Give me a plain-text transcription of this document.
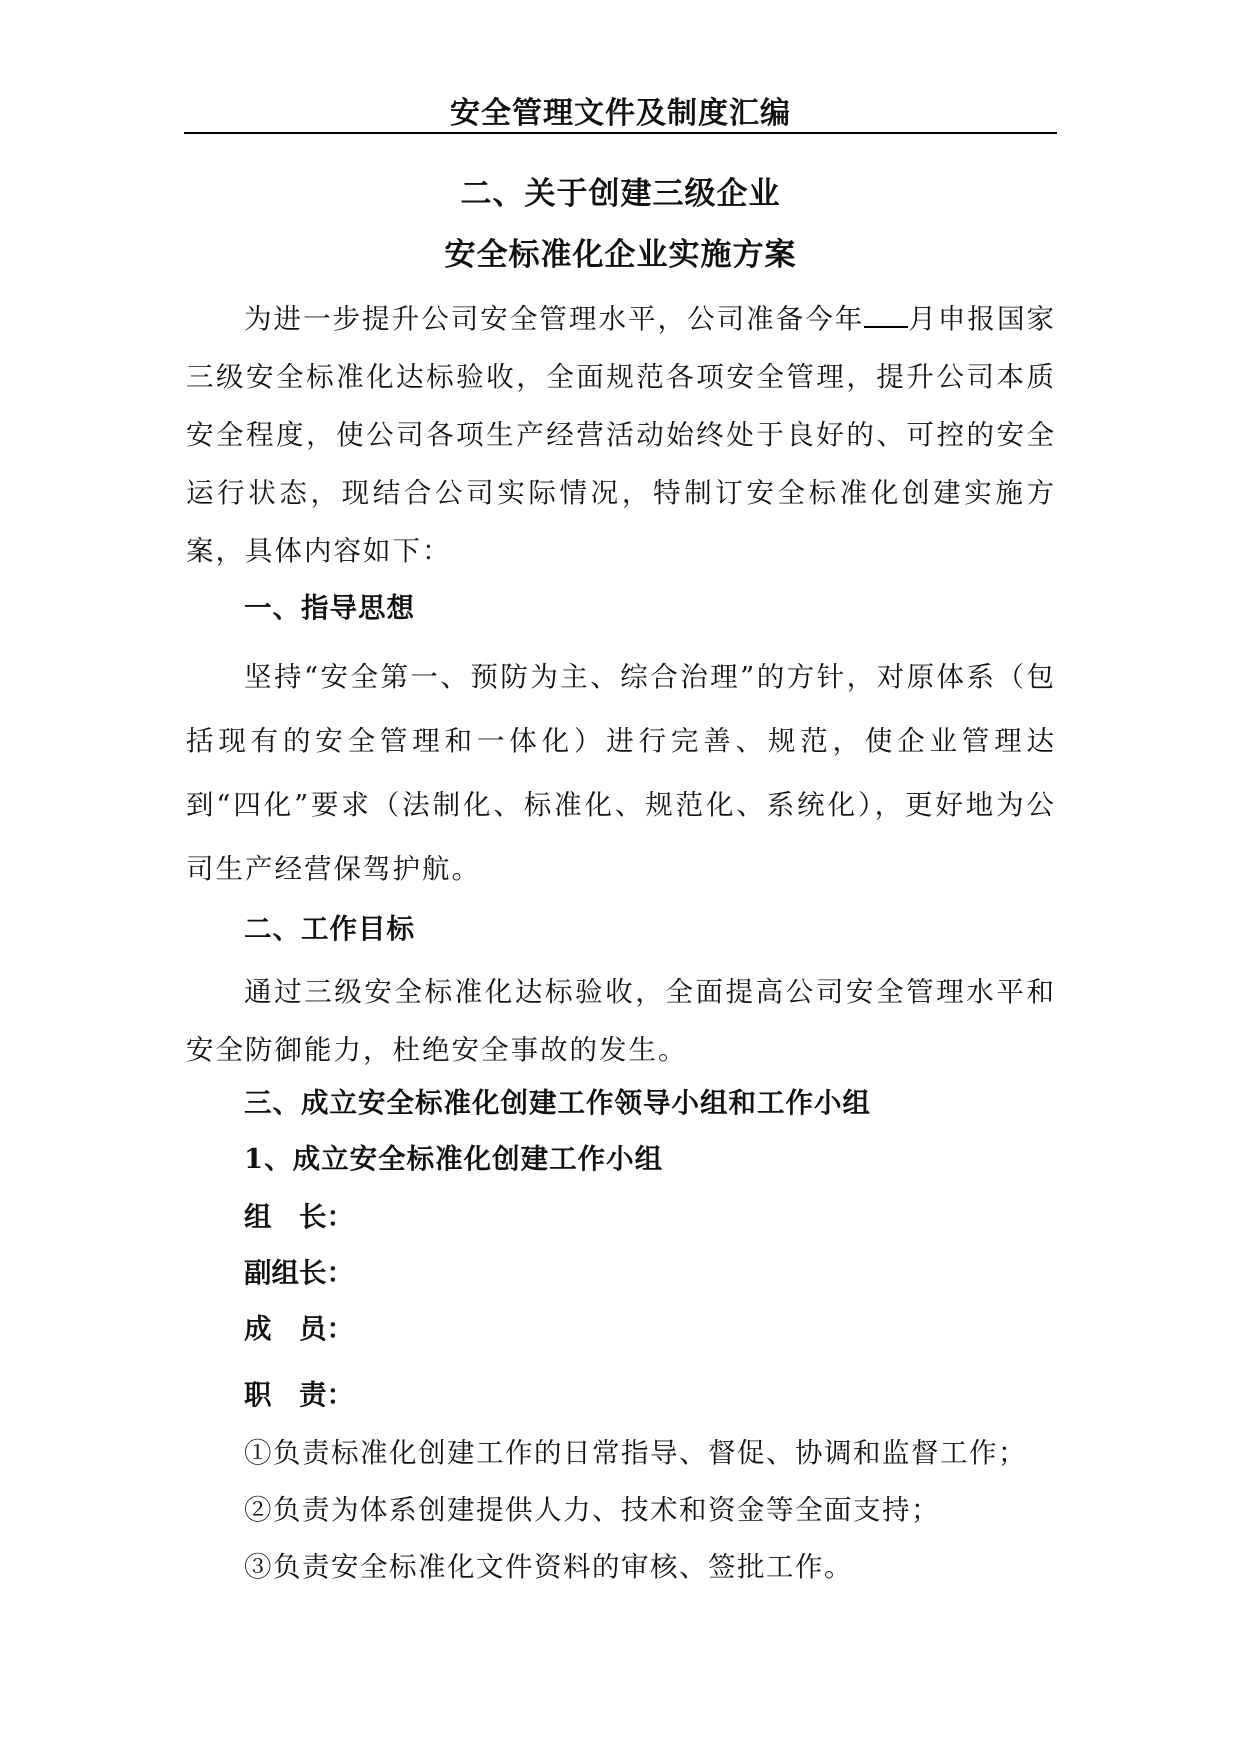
安全管理文件及制度汇编
二、关于创建三级企业
安全标准化企业实施方案

为进一步提升公司安全管理水平，公司准备今年 月申报国家三级安全标准化达标验收，全面规范各项安全管理，提升公司本质安全程度，使公司各项生产经营活动始终处于良好的、可控的安全运行状态，现结合公司实际情况，特制订安全标准化创建实施方案，具体内容如下：

一、指导思想

坚持“安全第一、预防为主、综合治理”的方针，对原体系（包括现有的安全管理和一体化）进行完善、规范，使企业管理达到“四化”要求（法制化、标准化、规范化、系统化），更好地为公司生产经营保驾护航。

二、工作目标

通过三级安全标准化达标验收，全面提高公司安全管理水平和安全防御能力，杜绝安全事故的发生。

三、成立安全标准化创建工作领导小组和工作小组

1、成立安全标准化创建工作小组

组　长：

副组长：

成　员：

职　责：

①负责标准化创建工作的日常指导、督促、协调和监督工作；

②负责为体系创建提供人力、技术和资金等全面支持；

③负责安全标准化文件资料的审核、签批工作。
